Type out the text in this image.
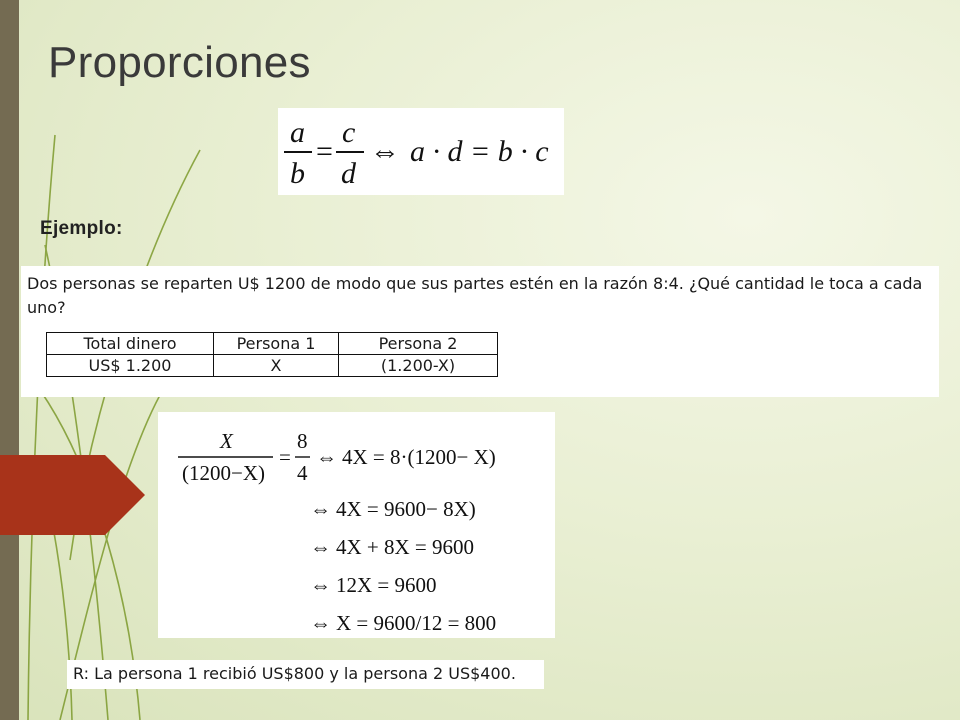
Proporciones
a
b
=
c
d
⇔ a · d = b · c
Ejemplo:

Dos personas se reparten U$ 1200 de modo que sus partes estén en la razón 8:4. ¿Qué cantidad le toca a cada uno?

Total dinero	Persona 1	Persona 2
US$ 1.200	X	(1.200-X)
X
(1200−X)
=
8
4
⇔ 4X = 8·(1200− X)
⇔ 4X = 9600− 8X)
⇔ 4X + 8X = 9600
⇔ 12X = 9600
⇔ X = 9600/12 = 800
R: La persona 1 recibió US$800 y la persona 2 US$400.
